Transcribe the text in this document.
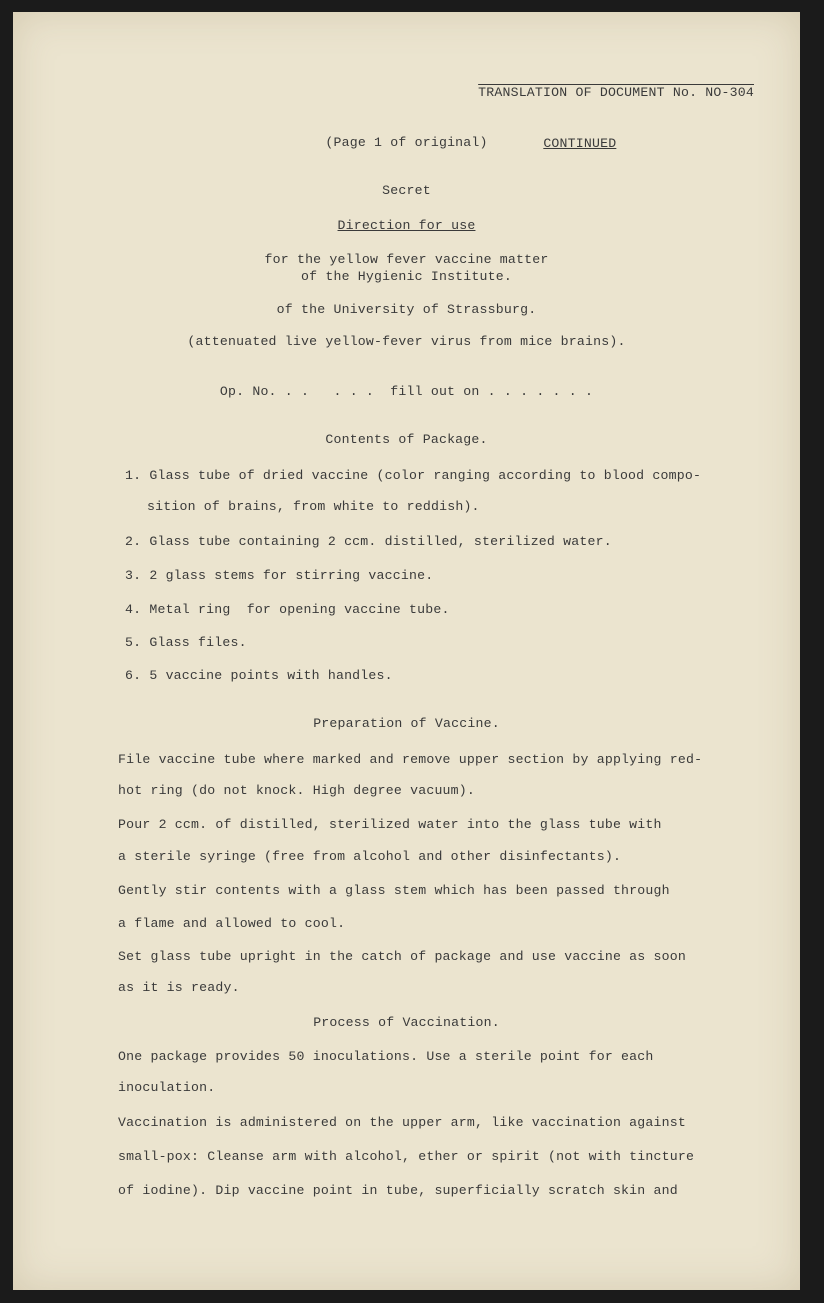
TRANSLATION OF DOCUMENT No. NO-304

CONTINUED

(Page 1 of original)
Secret
Direction for use
for the yellow fever vaccine matter
of the Hygienic Institute.
of the University of Strassburg.
(attenuated live yellow-fever virus from mice brains).
Op. No. . .   . . .  fill out on . . . . . . .
Contents of Package.
1. Glass tube of dried vaccine (color ranging according to blood compo-
sition of brains, from white to reddish).
2. Glass tube containing 2 ccm. distilled, sterilized water.
3. 2 glass stems for stirring vaccine.
4. Metal ring  for opening vaccine tube.
5. Glass files.
6. 5 vaccine points with handles.
Preparation of Vaccine.
File vaccine tube where marked and remove upper section by applying red-
hot ring (do not knock. High degree vacuum).
Pour 2 ccm. of distilled, sterilized water into the glass tube with
a sterile syringe (free from alcohol and other disinfectants).
Gently stir contents with a glass stem which has been passed through
a flame and allowed to cool.
Set glass tube upright in the catch of package and use vaccine as soon
as it is ready.
Process of Vaccination.
One package provides 50 inoculations. Use a sterile point for each
inoculation.
Vaccination is administered on the upper arm, like vaccination against
small-pox: Cleanse arm with alcohol, ether or spirit (not with tincture
of iodine). Dip vaccine point in tube, superficially scratch skin and
